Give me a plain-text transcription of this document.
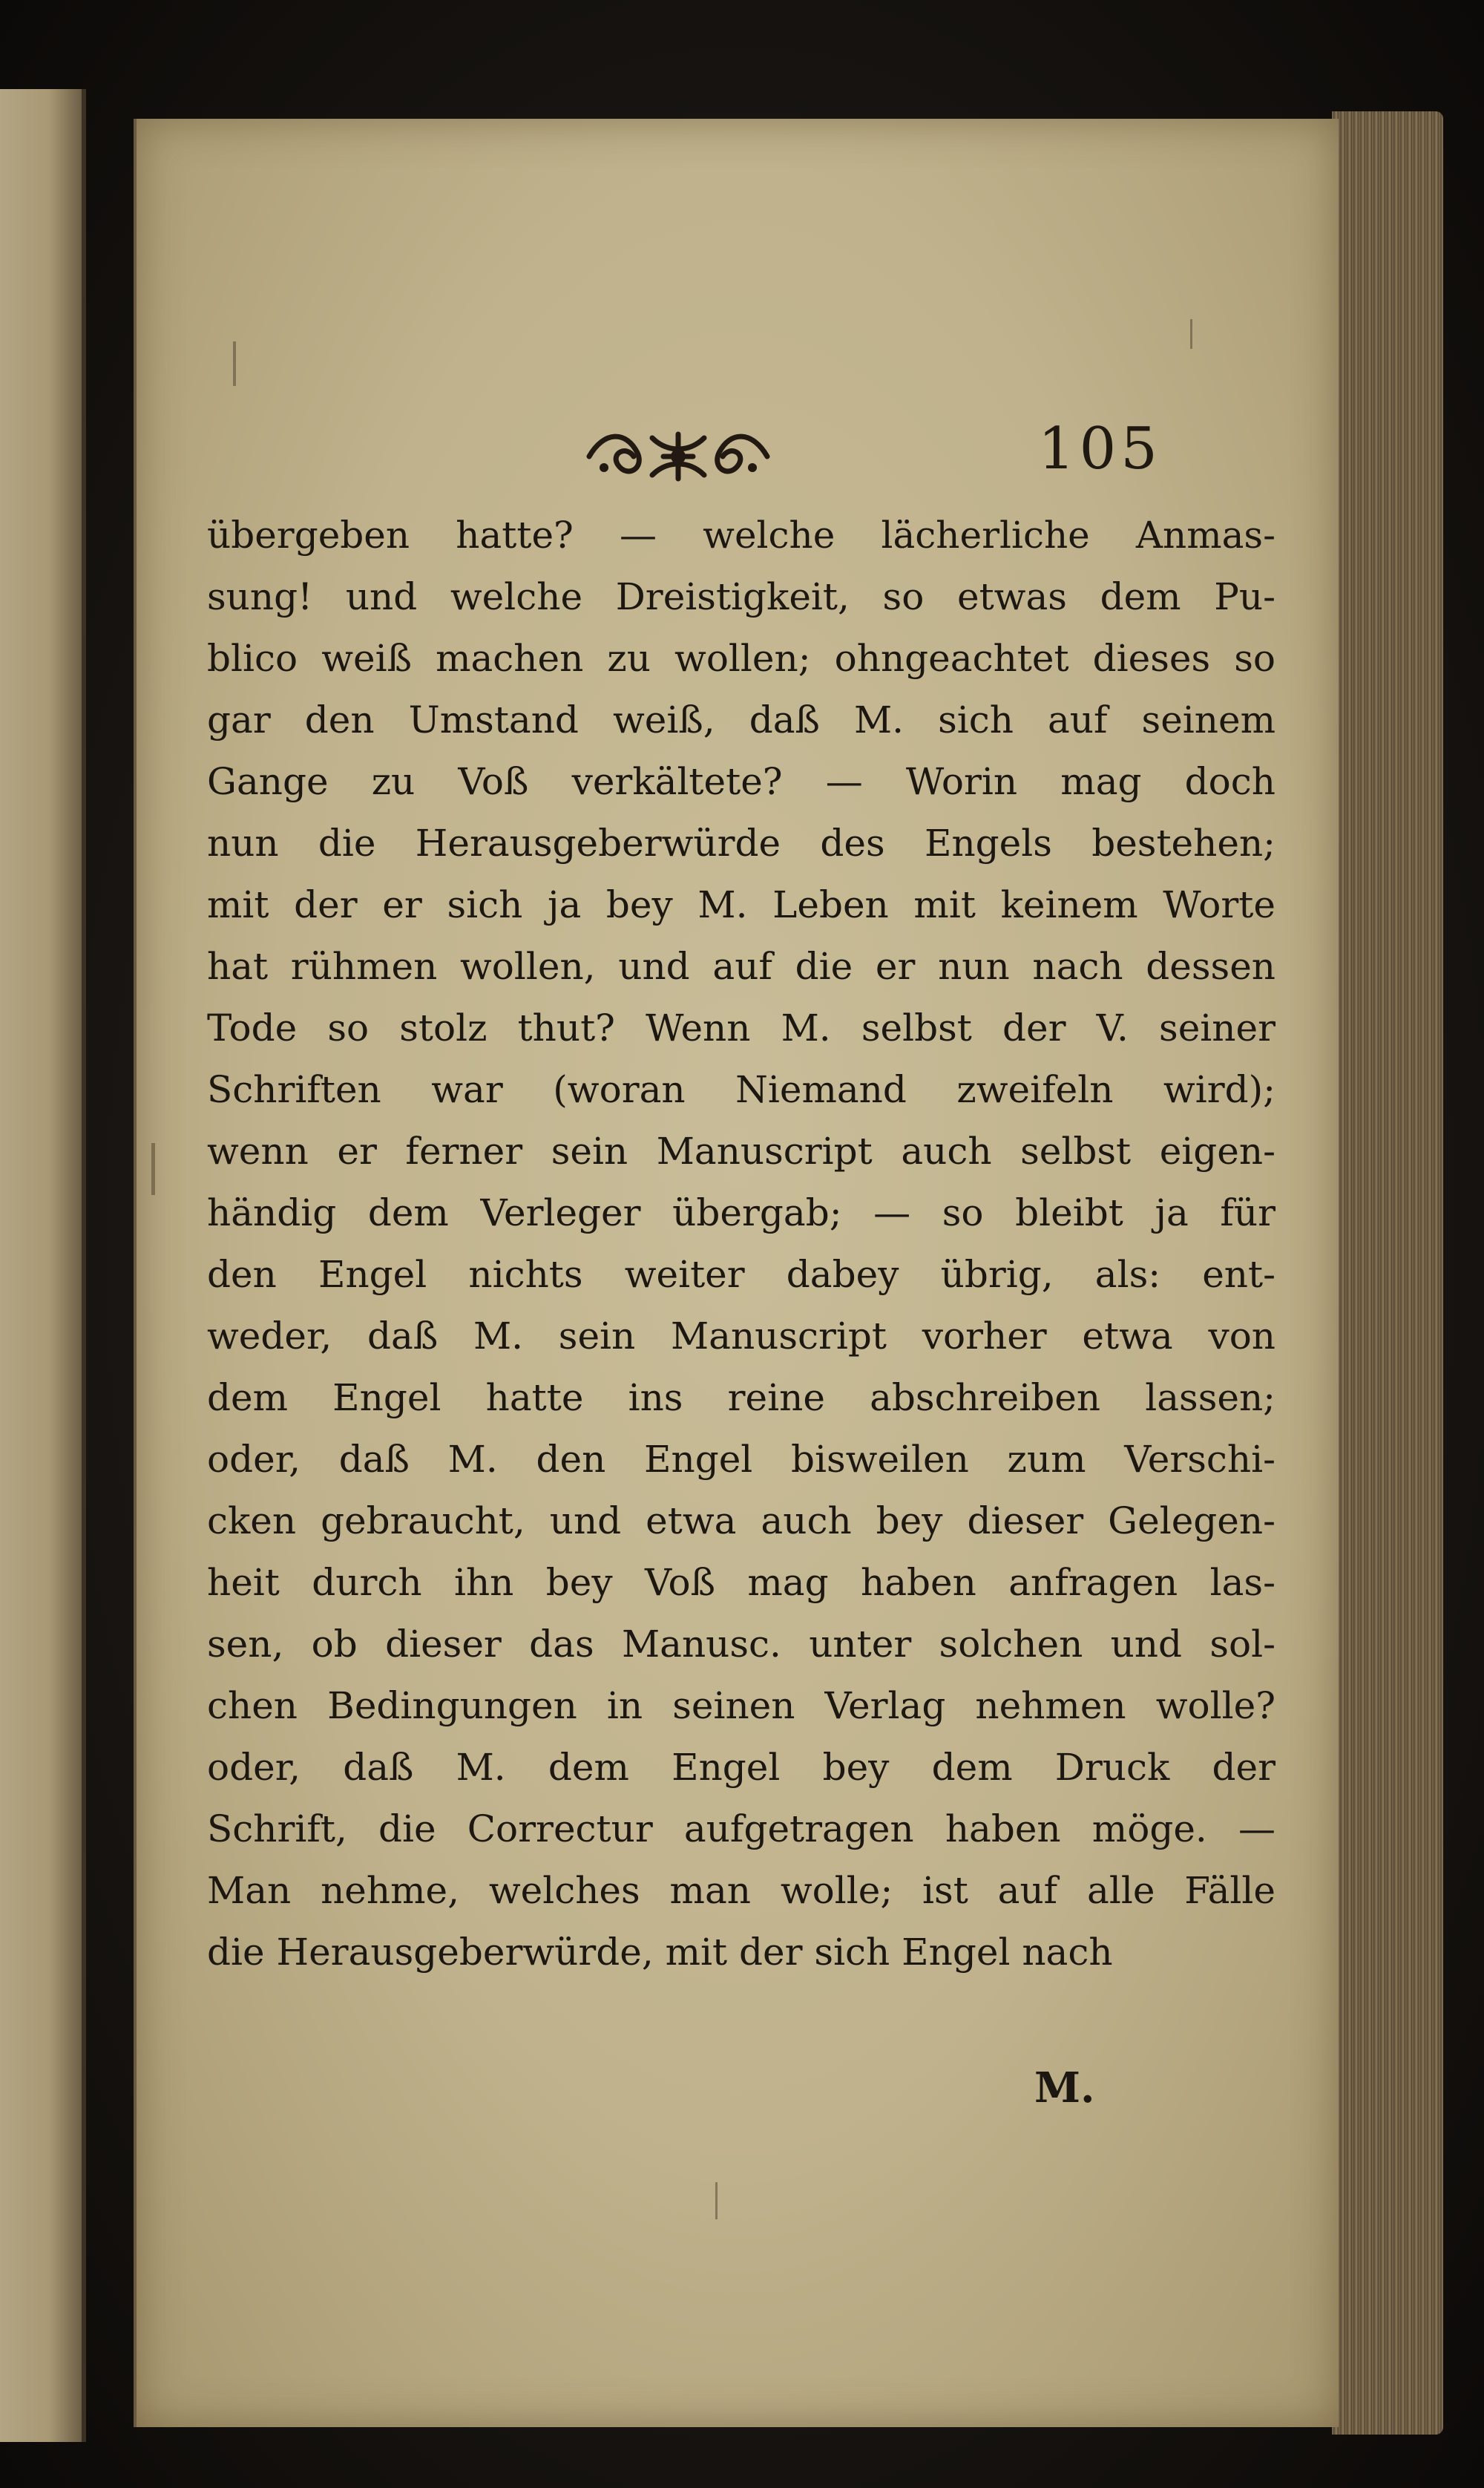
105
übergeben hatte? — welche lächerliche Anmas-
sung! und welche Dreistigkeit, so etwas dem Pu-
blico weiß machen zu wollen; ohngeachtet dieses so
gar den Umstand weiß, daß M. sich auf seinem
Gange zu Voß verkältete? — Worin mag doch
nun die Herausgeberwürde des Engels bestehen;
mit der er sich ja bey M. Leben mit keinem Worte
hat rühmen wollen, und auf die er nun nach dessen
Tode so stolz thut? Wenn M. selbst der V. seiner
Schriften war (woran Niemand zweifeln wird);
wenn er ferner sein Manuscript auch selbst eigen-
händig dem Verleger übergab; — so bleibt ja für
den Engel nichts weiter dabey übrig, als: ent-
weder, daß M. sein Manuscript vorher etwa von
dem Engel hatte ins reine abschreiben lassen;
oder, daß M. den Engel bisweilen zum Verschi-
cken gebraucht, und etwa auch bey dieser Gelegen-
heit durch ihn bey Voß mag haben anfragen las-
sen, ob dieser das Manusc. unter solchen und sol-
chen Bedingungen in seinen Verlag nehmen wolle?
oder, daß M. dem Engel bey dem Druck der
Schrift, die Correctur aufgetragen haben möge. —
Man nehme, welches man wolle; ist auf alle Fälle
die Herausgeberwürde, mit der sich Engel nach
M.
